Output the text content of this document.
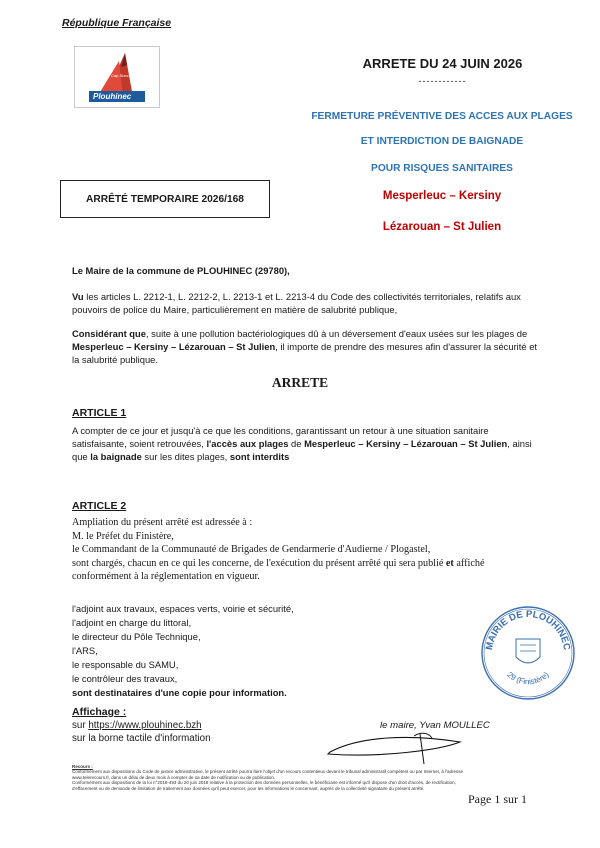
République Française
Plouhinec
Cap-Sizun
ARRETE DU 24 JUIN 2026
------------
FERMETURE PRÉVENTIVE DES ACCES AUX PLAGES
ET INTERDICTION DE BAIGNADE
POUR RISQUES SANITAIRES
Mesperleuc – Kersiny
Lézarouan – St Julien
ARRÊTÉ TEMPORAIRE 2026/168
Le Maire de la commune de PLOUHINEC (29780),
Vu les articles L. 2212-1, L. 2212-2, L. 2213-1 et L. 2213-4 du Code des collectivités territoriales, relatifs aux pouvoirs de police du Maire, particulièrement en matière de salubrité publique,
Considérant que, suite à une pollution bactériologiques dû à un déversement d'eaux usées sur les plages de Mesperleuc – Kersiny – Lézarouan – St Julien, il importe de prendre des mesures afin d'assurer la sécurité et la salubrité publique.
ARRETE
ARTICLE 1
A compter de ce jour et jusqu'à ce que les conditions, garantissant un retour à une situation sanitaire satisfaisante, soient retrouvées, l'accès aux plages de Mesperleuc – Kersiny – Lézarouan – St Julien, ainsi que la baignade sur les dites plages, sont interdits
ARTICLE 2
Ampliation du présent arrêté est adressée à :
M. le Préfet du Finistère,
le Commandant de la Communauté de Brigades de Gendarmerie d'Audierne / Plogastel,
sont chargés, chacun en ce qui les concerne, de l'exécution du présent arrêté qui sera publié et affiché conformément à la réglementation en vigueur.
l'adjoint aux travaux, espaces verts, voirie et sécurité,
l'adjoint en charge du littoral,
le directeur du Pôle Technique,
l'ARS,
le responsable du SAMU,
le contrôleur des travaux,
sont destinataires d'une copie pour information.
Affichage :
sur https://www.plouhinec.bzh
sur la borne tactile d'information
le maire, Yvan MOULLEC
MAIRIE DE PLOUHINEC
29 (Finistère)
Recours :
Conformément aux dispositions du Code de justice administrative, le présent arrêté pourra faire l'objet d'un recours contentieux devant le tribunal administratif compétent ou par Internet, à l'adresse
www.telerecours.fr, dans un délai de deux mois à compter de sa date de notification ou de publication.
Conformément aux dispositions de la loi n°2018-493 du 20 juin 2018 relative à la protection des données personnelles, le bénéficiaire est informé qu'il dispose d'un droit d'accès, de rectification,
d'effacement ou de demande de limitation de traitement aux données qu'il peut exercer, pour les informations le concernant, auprès de la collectivité signataire du présent arrêté.
Page 1 sur 1
